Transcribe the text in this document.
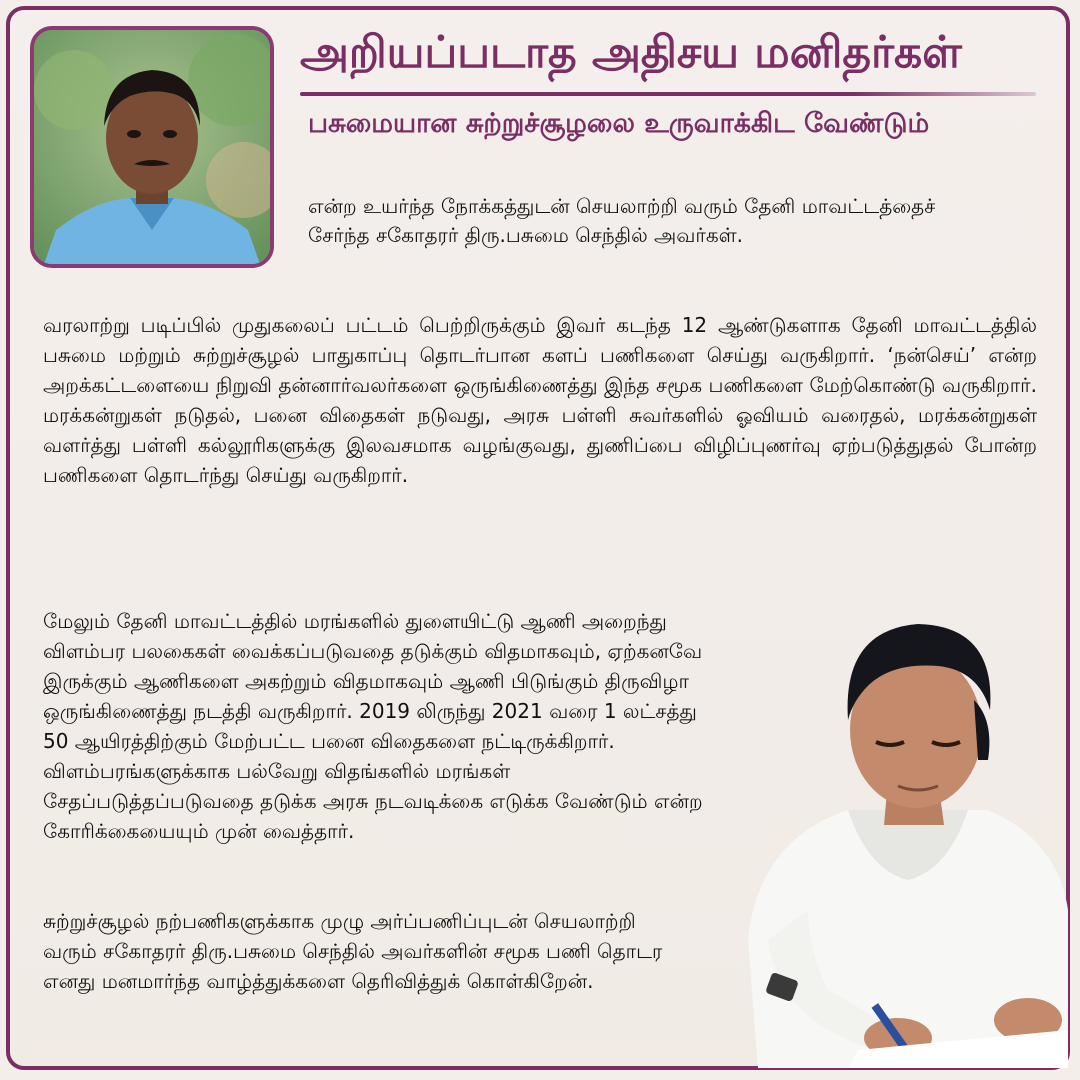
அறியப்படாத அதிசய மனிதர்கள்
பசுமையான சுற்றுச்சூழலை உருவாக்கிட வேண்டும்
என்ற உயர்ந்த நோக்கத்துடன் செயலாற்றி வரும் தேனி மாவட்டத்தைச் சேர்ந்த சகோதரர் திரு.பசுமை செந்தில் அவர்கள்.
வரலாற்று படிப்பில் முதுகலைப் பட்டம் பெற்றிருக்கும் இவர் கடந்த 12 ஆண்டுகளாக தேனி மாவட்டத்தில் பசுமை மற்றும் சுற்றுச்சூழல் பாதுகாப்பு தொடர்பான களப் பணிகளை செய்து வருகிறார். ‘நன்செய்’ என்ற அறக்கட்டளையை நிறுவி தன்னார்வலர்களை ஒருங்கிணைத்து இந்த சமூக பணிகளை மேற்கொண்டு வருகிறார். மரக்கன்றுகள் நடுதல், பனை விதைகள் நடுவது, அரசு பள்ளி சுவர்களில் ஓவியம் வரைதல், மரக்கன்றுகள் வளர்த்து பள்ளி கல்லூரிகளுக்கு இலவசமாக வழங்குவது, துணிப்பை விழிப்புணர்வு ஏற்படுத்துதல் போன்ற பணிகளை தொடர்ந்து செய்து வருகிறார்.
மேலும் தேனி மாவட்டத்தில் மரங்களில் துளையிட்டு ஆணி அறைந்து விளம்பர பலகைகள் வைக்கப்படுவதை தடுக்கும் விதமாகவும், ஏற்கனவே இருக்கும் ஆணிகளை அகற்றும் விதமாகவும் ஆணி பிடுங்கும் திருவிழா ஒருங்கிணைத்து நடத்தி வருகிறார். 2019 லிருந்து 2021 வரை 1 லட்சத்து 50 ஆயிரத்திற்கும் மேற்பட்ட பனை விதைகளை நட்டிருக்கிறார். விளம்பரங்களுக்காக பல்வேறு விதங்களில் மரங்கள் சேதப்படுத்தப்படுவதை தடுக்க அரசு நடவடிக்கை எடுக்க வேண்டும் என்ற கோரிக்கையையும் முன் வைத்தார்.
சுற்றுச்சூழல் நற்பணிகளுக்காக முழு அர்ப்பணிப்புடன் செயலாற்றி வரும் சகோதரர் திரு.பசுமை செந்தில் அவர்களின் சமூக பணி தொடர எனது மனமார்ந்த வாழ்த்துக்களை தெரிவித்துக் கொள்கிறேன்.
